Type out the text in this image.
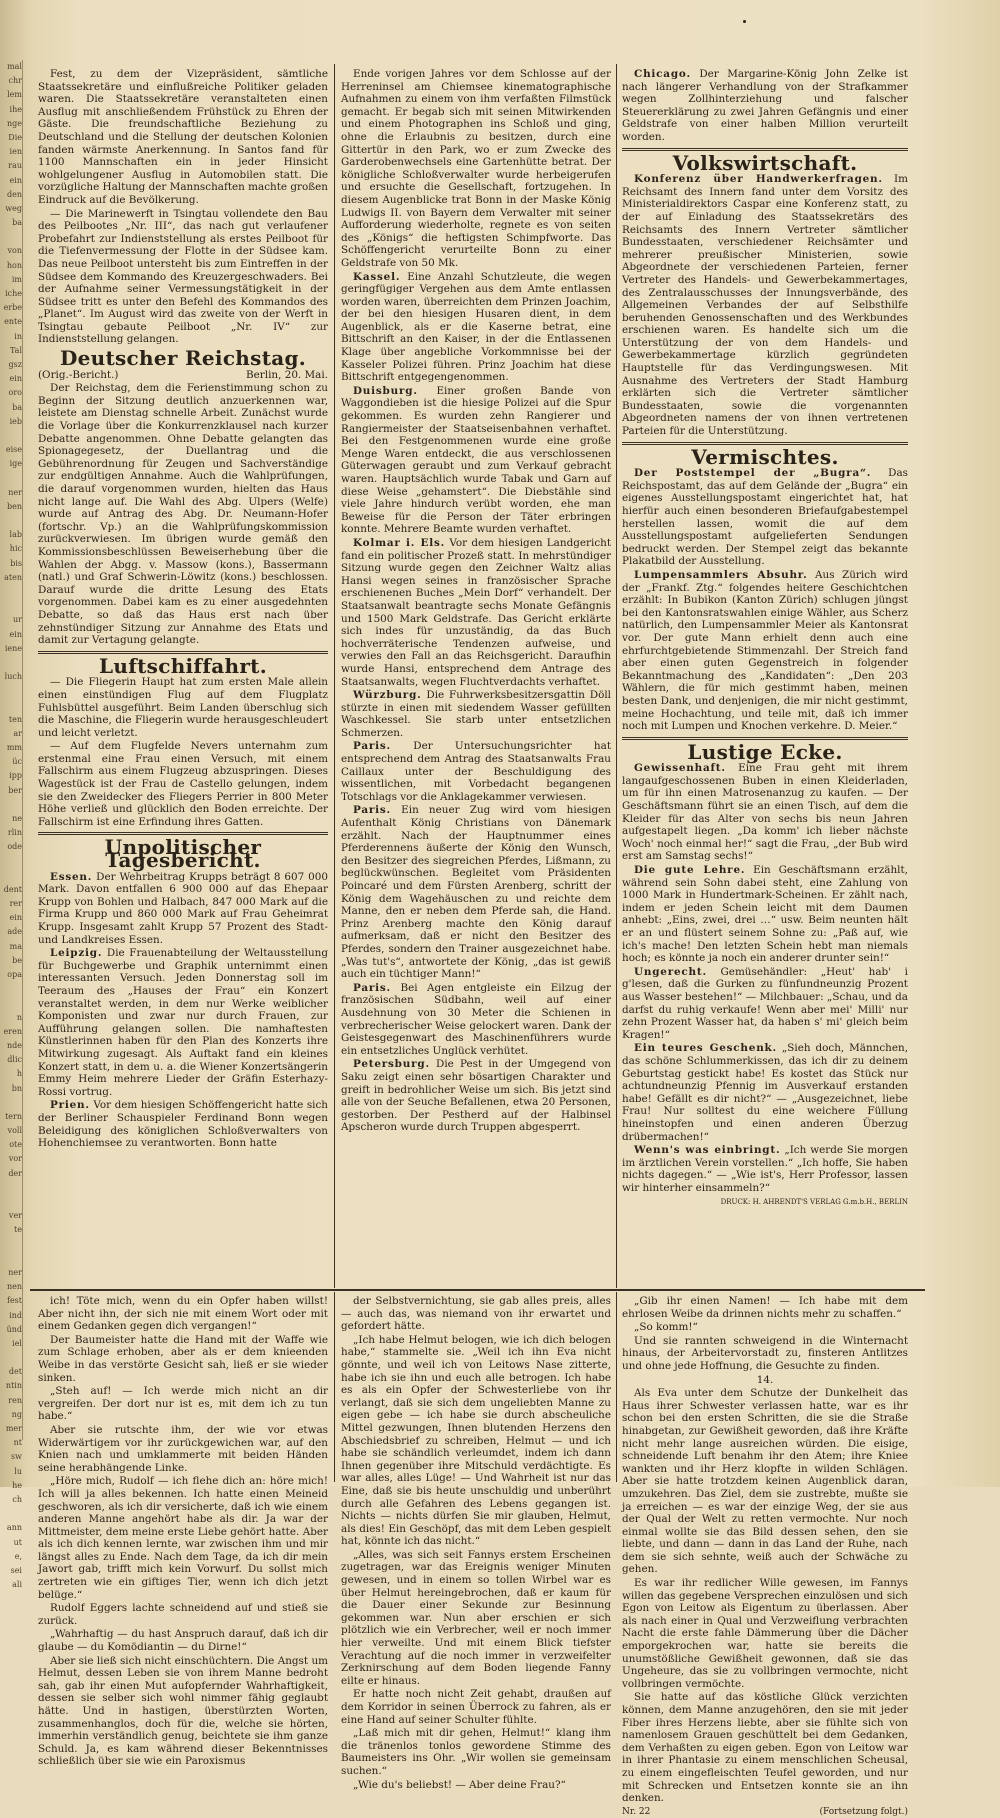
mal
chr
lem
ihe
nge
Die
ien
rau
ein
den
weg
ba
von
hon
im
iche
erbe
ente
in
Tal
gsz
ein
oro
ba
ieb
eise
ige
ner
ben
lab
hic
bis
aten
ur
ein
iene
luch
ten
ar
mm
üc
ipp
ber
ne
rlin
ode
dent
rer
ein
ade
ma
be
opa
n
eren
nde
dlic
h
bn
tern
voll
ote
vor
der
ver
te
ner
nen
fest
ind
ünd
iel
det
ntin
ren
ng
mer
nt
sw
lu
he
ch
ann
ut
e,
sei
ali

Fest, zu dem der Vizepräsident, sämtliche Staatssekretäre und einflußreiche Politiker geladen waren. Die Staatssekretäre veranstalteten einen Ausflug mit anschließendem Frühstück zu Ehren der Gäste. Die freundschaftliche Beziehung zu Deutschland und die Stellung der deutschen Kolonien fanden wärmste Anerkennung. In Santos fand für 1100 Mannschaften ein in jeder Hinsicht wohlgelungener Ausflug in Automobilen statt. Die vorzügliche Haltung der Mannschaften machte großen Eindruck auf die Bevölkerung.

— Die Marinewerft in Tsingtau vollendete den Bau des Peilbootes „Nr. III“, das nach gut verlaufener Probefahrt zur Indienststellung als erstes Peilboot für die Tiefenvermessung der Flotte in der Südsee kam. Das neue Peilboot untersteht bis zum Eintreffen in der Südsee dem Kommando des Kreuzergeschwaders. Bei der Aufnahme seiner Vermessungstätigkeit in der Südsee tritt es unter den Befehl des Kommandos des „Planet“. Im August wird das zweite von der Werft in Tsingtau gebaute Peilboot „Nr. IV“ zur Indienststellung gelangen.

Deutscher Reichstag.
(Orig.-Bericht.)	Berlin, 20. Mai.

Der Reichstag, dem die Ferienstimmung schon zu Beginn der Sitzung deutlich anzuerkennen war, leistete am Dienstag schnelle Arbeit. Zunächst wurde die Vorlage über die Konkurrenzklausel nach kurzer Debatte angenommen. Ohne Debatte gelangten das Spionagegesetz, der Duellantrag und die Gebührenordnung für Zeugen und Sachverständige zur endgültigen Annahme. Auch die Wahlprüfungen, die darauf vorgenommen wurden, hielten das Haus nicht lange auf. Die Wahl des Abg. Ulpers (Welfe) wurde auf Antrag des Abg. Dr. Neumann-Hofer (fortschr. Vp.) an die Wahlprüfungskommission zurückverwiesen. Im übrigen wurde gemäß den Kommissionsbeschlüssen Beweiserhebung über die Wahlen der Abgg. v. Massow (kons.), Bassermann (natl.) und Graf Schwerin-Löwitz (kons.) beschlossen. Darauf wurde die dritte Lesung des Etats vorgenommen. Dabei kam es zu einer ausgedehnten Debatte, so daß das Haus erst nach über zehnstündiger Sitzung zur Annahme des Etats und damit zur Vertagung gelangte.

Luftschiffahrt.

— Die Fliegerin Haupt hat zum ersten Male allein einen einstündigen Flug auf dem Flugplatz Fuhlsbüttel ausgeführt. Beim Landen überschlug sich die Maschine, die Fliegerin wurde herausgeschleudert und leicht verletzt.

— Auf dem Flugfelde Nevers unternahm zum erstenmal eine Frau einen Versuch, mit einem Fallschirm aus einem Flugzeug abzuspringen. Dieses Wagestück ist der Frau de Castello gelungen, indem sie den Zweidecker des Fliegers Perrier in 800 Meter Höhe verließ und glücklich den Boden erreichte. Der Fallschirm ist eine Erfindung ihres Gatten.

Unpolitischer Tagesbericht.

Essen. Der Wehrbeitrag Krupps beträgt 8 607 000 Mark. Davon entfallen 6 900 000 auf das Ehepaar Krupp von Bohlen und Halbach, 847 000 Mark auf die Firma Krupp und 860 000 Mark auf Frau Geheimrat Krupp. Insgesamt zahlt Krupp 57 Prozent des Stadt- und Landkreises Essen.

Leipzig. Die Frauenabteilung der Weltausstellung für Buchgewerbe und Graphik unternimmt einen interessanten Versuch. Jeden Donnerstag soll im Teeraum des „Hauses der Frau“ ein Konzert veranstaltet werden, in dem nur Werke weiblicher Komponisten und zwar nur durch Frauen, zur Aufführung gelangen sollen. Die namhaftesten Künstlerinnen haben für den Plan des Konzerts ihre Mitwirkung zugesagt. Als Auftakt fand ein kleines Konzert statt, in dem u. a. die Wiener Konzertsängerin Emmy Heim mehrere Lieder der Gräfin Esterhazy-Rossi vortrug.

Prien. Vor dem hiesigen Schöffengericht hatte sich der Berliner Schauspieler Ferdinand Bonn wegen Beleidigung des königlichen Schloßverwalters von Hohenchiemsee zu verantworten. Bonn hatte

Ende vorigen Jahres vor dem Schlosse auf der Herreninsel am Chiemsee kinematographische Aufnahmen zu einem von ihm verfaßten Filmstück gemacht. Er begab sich mit seinen Mitwirkenden und einem Photographen ins Schloß und ging, ohne die Erlaubnis zu besitzen, durch eine Gittertür in den Park, wo er zum Zwecke des Garderobenwechsels eine Gartenhütte betrat. Der königliche Schloßverwalter wurde herbeigerufen und ersuchte die Gesellschaft, fortzugehen. In diesem Augenblicke trat Bonn in der Maske König Ludwigs II. von Bayern dem Verwalter mit seiner Aufforderung wiederholte, regnete es von seiten des „Königs“ die heftigsten Schimpfworte. Das Schöffengericht verurteilte Bonn zu einer Geldstrafe von 50 Mk.

Kassel. Eine Anzahl Schutzleute, die wegen geringfügiger Vergehen aus dem Amte entlassen worden waren, überreichten dem Prinzen Joachim, der bei den hiesigen Husaren dient, in dem Augenblick, als er die Kaserne betrat, eine Bittschrift an den Kaiser, in der die Entlassenen Klage über angebliche Vorkommnisse bei der Kasseler Polizei führen. Prinz Joachim hat diese Bittschrift entgegengenommen.

Duisburg. Einer großen Bande von Waggondieben ist die hiesige Polizei auf die Spur gekommen. Es wurden zehn Rangierer und Rangiermeister der Staatseisenbahnen verhaftet. Bei den Festgenommenen wurde eine große Menge Waren entdeckt, die aus verschlossenen Güterwagen geraubt und zum Verkauf gebracht waren. Hauptsächlich wurde Tabak und Garn auf diese Weise „gehamstert“. Die Diebstähle sind viele Jahre hindurch verübt worden, ehe man Beweise für die Person der Täter erbringen konnte. Mehrere Beamte wurden verhaftet.

Kolmar i. Els. Vor dem hiesigen Landgericht fand ein politischer Prozeß statt. In mehrstündiger Sitzung wurde gegen den Zeichner Waltz alias Hansi wegen seines in französischer Sprache erschienenen Buches „Mein Dorf“ verhandelt. Der Staatsanwalt beantragte sechs Monate Gefängnis und 1500 Mark Geldstrafe. Das Gericht erklärte sich indes für unzuständig, da das Buch hochverräterische Tendenzen aufweise, und verwies den Fall an das Reichsgericht. Daraufhin wurde Hansi, entsprechend dem Antrage des Staatsanwalts, wegen Fluchtverdachts verhaftet.

Würzburg. Die Fuhrwerksbesitzersgattin Döll stürzte in einen mit siedendem Wasser gefüllten Waschkessel. Sie starb unter entsetzlichen Schmerzen.

Paris. Der Untersuchungsrichter hat entsprechend dem Antrag des Staatsanwalts Frau Caillaux unter der Beschuldigung des wissentlichen, mit Vorbedacht begangenen Totschlags vor die Anklagekammer verwiesen.

Paris. Ein neuer Zug wird vom hiesigen Aufenthalt König Christians von Dänemark erzählt. Nach der Hauptnummer eines Pferderennens äußerte der König den Wunsch, den Besitzer des siegreichen Pferdes, Lißmann, zu beglückwünschen. Begleitet vom Präsidenten Poincaré und dem Fürsten Arenberg, schritt der König dem Wagehäuschen zu und reichte dem Manne, den er neben dem Pferde sah, die Hand. Prinz Arenberg machte den König darauf aufmerksam, daß er nicht den Besitzer des Pferdes, sondern den Trainer ausgezeichnet habe. „Was tut's“, antwortete der König, „das ist gewiß auch ein tüchtiger Mann!“

Paris. Bei Agen entgleiste ein Eilzug der französischen Südbahn, weil auf einer Ausdehnung von 30 Meter die Schienen in verbrecherischer Weise gelockert waren. Dank der Geistesgegenwart des Maschinenführers wurde ein entsetzliches Unglück verhütet.

Petersburg. Die Pest in der Umgegend von Saku zeigt einen sehr bösartigen Charakter und greift in bedrohlicher Weise um sich. Bis jetzt sind alle von der Seuche Befallenen, etwa 20 Personen, gestorben. Der Pestherd auf der Halbinsel Apscheron wurde durch Truppen abgesperrt.

Chicago. Der Margarine-König John Zelke ist nach längerer Verhandlung von der Strafkammer wegen Zollhinterziehung und falscher Steuererklärung zu zwei Jahren Gefängnis und einer Geldstrafe von einer halben Million verurteilt worden.

Volkswirtschaft.

Konferenz über Handwerkerfragen. Im Reichsamt des Innern fand unter dem Vorsitz des Ministerialdirektors Caspar eine Konferenz statt, zu der auf Einladung des Staatssekretärs des Reichsamts des Innern Vertreter sämtlicher Bundesstaaten, verschiedener Reichsämter und mehrerer preußischer Ministerien, sowie Abgeordnete der verschiedenen Parteien, ferner Vertreter des Handels- und Gewerbekammertages, des Zentralausschusses der Innungsverbände, des Allgemeinen Verbandes der auf Selbsthilfe beruhenden Genossenschaften und des Werkbundes erschienen waren. Es handelte sich um die Unterstützung der von dem Handels- und Gewerbekammertage kürzlich gegründeten Hauptstelle für das Verdingungswesen. Mit Ausnahme des Vertreters der Stadt Hamburg erklärten sich die Vertreter sämtlicher Bundesstaaten, sowie die vorgenannten Abgeordneten namens der von ihnen vertretenen Parteien für die Unterstützung.

Vermischtes.

Der Poststempel der „Bugra“. Das Reichspostamt, das auf dem Gelände der „Bugra“ ein eigenes Ausstellungspostamt eingerichtet hat, hat hierfür auch einen besonderen Briefaufgabestempel herstellen lassen, womit die auf dem Ausstellungspostamt aufgelieferten Sendungen bedruckt werden. Der Stempel zeigt das bekannte Plakatbild der Ausstellung.

Lumpensammlers Absuhr. Aus Zürich wird der „Frankf. Ztg.“ folgendes heitere Geschichtchen erzählt: In Bubikon (Kanton Zürich) schlugen jüngst bei den Kantonsratswahlen einige Wähler, aus Scherz natürlich, den Lumpensammler Meier als Kantonsrat vor. Der gute Mann erhielt denn auch eine ehrfurchtgebietende Stimmenzahl. Der Streich fand aber einen guten Gegenstreich in folgender Bekanntmachung des „Kandidaten“: „Den 203 Wählern, die für mich gestimmt haben, meinen besten Dank, und denjenigen, die mir nicht gestimmt, meine Hochachtung, und teile mit, daß ich immer noch mit Lumpen und Knochen verkehre. D. Meier.“

Lustige Ecke.

Gewissenhaft. Eine Frau geht mit ihrem langaufgeschossenen Buben in einen Kleiderladen, um für ihn einen Matrosenanzug zu kaufen. — Der Geschäftsmann führt sie an einen Tisch, auf dem die Kleider für das Alter von sechs bis neun Jahren aufgestapelt liegen. „Da komm' ich lieber nächste Woch' noch einmal her!“ sagt die Frau, „der Bub wird erst am Samstag sechs!“

Die gute Lehre. Ein Geschäftsmann erzählt, während sein Sohn dabei steht, eine Zahlung von 1000 Mark in Hundertmark-Scheinen. Er zählt nach, indem er jeden Schein leicht mit dem Daumen anhebt: „Eins, zwei, drei …“ usw. Beim neunten hält er an und flüstert seinem Sohne zu: „Paß auf, wie ich's mache! Den letzten Schein hebt man niemals hoch; es könnte ja noch ein anderer drunter sein!“

Ungerecht. Gemüsehändler: „Heut' hab' i g'lesen, daß die Gurken zu fünfundneunzig Prozent aus Wasser bestehen!“ — Milchbauer: „Schau, und da darfst du ruhig verkaufe! Wenn aber mei' Milli' nur zehn Prozent Wasser hat, da haben s' mi' gleich beim Kragen!“

Ein teures Geschenk. „Sieh doch, Männchen, das schöne Schlummerkissen, das ich dir zu deinem Geburtstag gestickt habe! Es kostet das Stück nur achtundneunzig Pfennig im Ausverkauf erstanden habe! Gefällt es dir nicht?“ — „Ausgezeichnet, liebe Frau! Nur solltest du eine weichere Füllung hineinstopfen und einen anderen Überzug drübermachen!“

Wenn's was einbringt. „Ich werde Sie morgen im ärztlichen Verein vorstellen.“ „Ich hoffe, Sie haben nichts dagegen.“ — „Wie ist's, Herr Professor, lassen wir hinterher einsammeln?“

DRUCK: H. AHRENDT'S VERLAG G.m.b.H., BERLIN

ich! Töte mich, wenn du ein Opfer haben willst! Aber nicht ihn, der sich nie mit einem Wort oder mit einem Gedanken gegen dich vergangen!“

Der Baumeister hatte die Hand mit der Waffe wie zum Schlage erhoben, aber als er dem knieenden Weibe in das verstörte Gesicht sah, ließ er sie wieder sinken.

„Steh auf! — Ich werde mich nicht an dir vergreifen. Der dort nur ist es, mit dem ich zu tun habe.“

Aber sie rutschte ihm, der wie vor etwas Widerwärtigem vor ihr zurückgewichen war, auf den Knien nach und umklammerte mit beiden Händen seine herabhängende Linke.

„Höre mich, Rudolf — ich flehe dich an: höre mich! Ich will ja alles bekennen. Ich hatte einen Meineid geschworen, als ich dir versicherte, daß ich wie einem anderen Manne angehört habe als dir. Ja war der Mittmeister, dem meine erste Liebe gehört hatte. Aber als ich dich kennen lernte, war zwischen ihm und mir längst alles zu Ende. Nach dem Tage, da ich dir mein Jawort gab, trifft mich kein Vorwurf. Du sollst mich zertreten wie ein giftiges Tier, wenn ich dich jetzt belüge.“

Rudolf Eggers lachte schneidend auf und stieß sie zurück.

„Wahrhaftig — du hast Anspruch darauf, daß ich dir glaube — du Komödiantin — du Dirne!“

Aber sie ließ sich nicht einschüchtern. Die Angst um Helmut, dessen Leben sie von ihrem Manne bedroht sah, gab ihr einen Mut aufopfernder Wahrhaftigkeit, dessen sie selber sich wohl nimmer fähig geglaubt hätte. Und in hastigen, überstürzten Worten, zusammenhanglos, doch für die, welche sie hörten, immerhin verständlich genug, beichtete sie ihm ganze Schuld. Ja, es kam während dieser Bekenntnisses schließlich über sie wie ein Paroxismus

der Selbstvernichtung, sie gab alles preis, alles — auch das, was niemand von ihr erwartet und gefordert hätte.

„Ich habe Helmut belogen, wie ich dich belogen habe,“ stammelte sie. „Weil ich ihn Eva nicht gönnte, und weil ich von Leitows Nase zitterte, habe ich sie ihn und euch alle betrogen. Ich habe es als ein Opfer der Schwesterliebe von ihr verlangt, daß sie sich dem ungeliebten Manne zu eigen gebe — ich habe sie durch abscheuliche Mittel gezwungen, Ihnen blutenden Herzens den Abschiedsbrief zu schreiben, Helmut — und ich habe sie schändlich verleumdet, indem ich dann Ihnen gegenüber ihre Mitschuld verdächtigte. Es war alles, alles Lüge! — Und Wahrheit ist nur das Eine, daß sie bis heute unschuldig und unberührt durch alle Gefahren des Lebens gegangen ist. Nichts — nichts dürfen Sie mir glauben, Helmut, als dies! Ein Geschöpf, das mit dem Leben gespielt hat, könnte ich das nicht.“

„Alles, was sich seit Fannys erstem Erscheinen zugetragen, war das Ereignis weniger Minuten gewesen, und in einem so tollen Wirbel war es über Helmut hereingebrochen, daß er kaum für die Dauer einer Sekunde zur Besinnung gekommen war. Nun aber erschien er sich plötzlich wie ein Verbrecher, weil er noch immer hier verweilte. Und mit einem Blick tiefster Verachtung auf die noch immer in verzweifelter Zerknirschung auf dem Boden liegende Fanny eilte er hinaus.

Er hatte noch nicht Zeit gehabt, draußen auf dem Korridor in seinen Überrock zu fahren, als er eine Hand auf seiner Schulter fühlte.

„Laß mich mit dir gehen, Helmut!“ klang ihm die tränenlos tonlos gewordene Stimme des Baumeisters ins Ohr. „Wir wollen sie gemeinsam suchen.“

„Wie du's beliebst! — Aber deine Frau?“

„Gib ihr einen Namen! — Ich habe mit dem ehrlosen Weibe da drinnen nichts mehr zu schaffen.“

„So komm!“

Und sie rannten schweigend in die Winternacht hinaus, der Arbeitervorstadt zu, finsteren Antlitzes und ohne jede Hoffnung, die Gesuchte zu finden.

14.

Als Eva unter dem Schutze der Dunkelheit das Haus ihrer Schwester verlassen hatte, war es ihr schon bei den ersten Schritten, die sie die Straße hinabgetan, zur Gewißheit geworden, daß ihre Kräfte nicht mehr lange ausreichen würden. Die eisige, schneidende Luft benahm ihr den Atem; ihre Kniee wankten und ihr Herz klopfte in wilden Schlägen. Aber sie hatte trotzdem keinen Augenblick daran, umzukehren. Das Ziel, dem sie zustrebte, mußte sie ja erreichen — es war der einzige Weg, der sie aus der Qual der Welt zu retten vermochte. Nur noch einmal wollte sie das Bild dessen sehen, den sie liebte, und dann — dann in das Land der Ruhe, nach dem sie sich sehnte, weiß auch der Schwäche zu gehen.

Es war ihr redlicher Wille gewesen, im Fannys willen das gegebene Versprechen einzulösen und sich Egon von Leitow als Eigentum zu überlassen. Aber als nach einer in Qual und Verzweiflung verbrachten Nacht die erste fahle Dämmerung über die Dächer emporgekrochen war, hatte sie bereits die unumstößliche Gewißheit gewonnen, daß sie das Ungeheure, das sie zu vollbringen vermochte, nicht vollbringen vermöchte.

Sie hatte auf das köstliche Glück verzichten können, dem Manne anzugehören, den sie mit jeder Fiber ihres Herzens liebte, aber sie fühlte sich von namenlosem Grauen geschüttelt bei dem Gedanken, dem Verhaßten zu eigen geben. Egon von Leitow war in ihrer Phantasie zu einem menschlichen Scheusal, zu einem eingefleischten Teufel geworden, und nur mit Schrecken und Entsetzen konnte sie an ihn denken.

Nr. 22	(Fortsetzung folgt.)
